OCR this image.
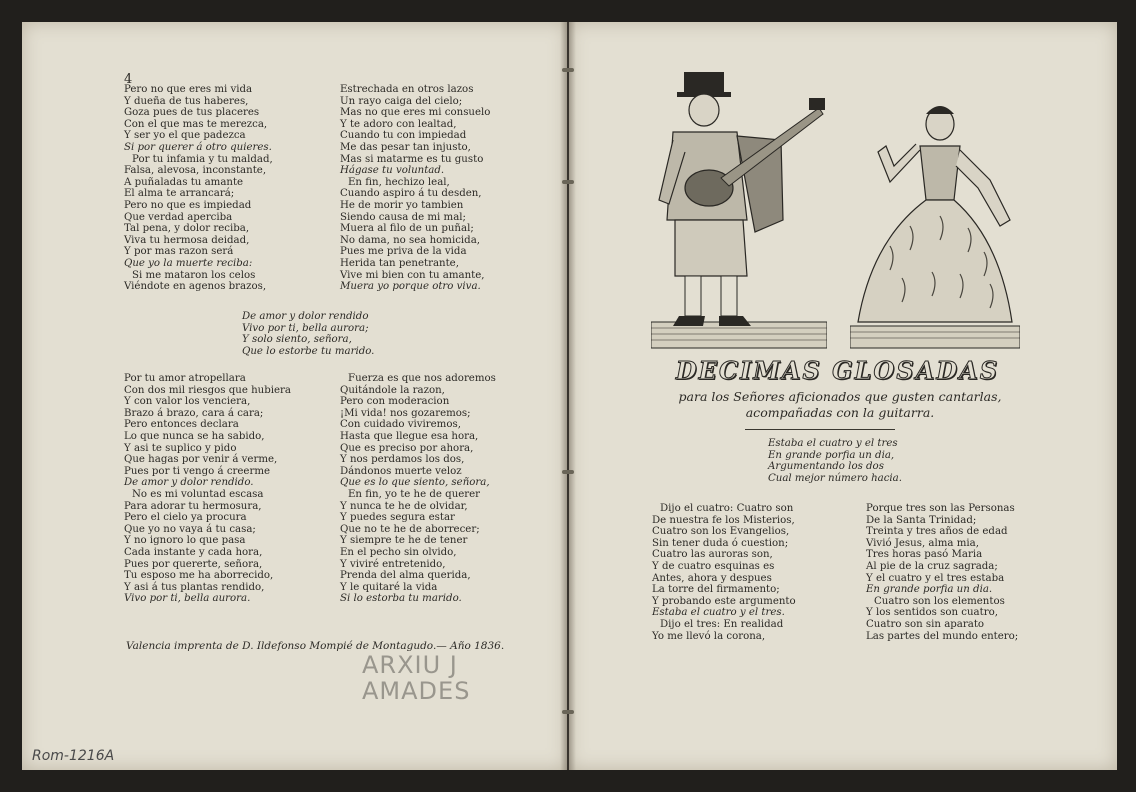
4
Pero no que eres mi vida
Y dueña de tus haberes,
Goza pues de tus placeres
Con el que mas te merezca,
Y ser yo el que padezca
Si por querer á otro quieres.
Por tu infamia y tu maldad,
Falsa, alevosa, inconstante,
A puñaladas tu amante
El alma te arrancará;
Pero no que es impiedad
Que verdad aperciba
Tal pena, y dolor reciba,
Viva tu hermosa deidad,
Y por mas razon será
Que yo la muerte reciba:
Si me mataron los celos
Viéndote en agenos brazos,
Estrechada en otros lazos
Un rayo caiga del cielo;
Mas no que eres mi consuelo
Y te adoro con lealtad,
Cuando tu con impiedad
Me das pesar tan injusto,
Mas si matarme es tu gusto
Hágase tu voluntad.
En fin, hechizo leal,
Cuando aspiro á tu desden,
He de morir yo tambien
Siendo causa de mi mal;
Muera al filo de un puñal;
No dama, no sea homicida,
Pues me priva de la vida
Herida tan penetrante,
Vive mi bien con tu amante,
Muera yo porque otro viva.
De amor y dolor rendido
Vivo por ti, bella aurora;
Y solo siento, señora,
Que lo estorbe tu marido.
Por tu amor atropellara
Con dos mil riesgos que hubiera
Y con valor los venciera,
Brazo á brazo, cara á cara;
Pero entonces declara
Lo que nunca se ha sabido,
Y asi te suplico y pido
Que hagas por venir á verme,
Pues por ti vengo á creerme
De amor y dolor rendido.
No es mi voluntad escasa
Para adorar tu hermosura,
Pero el cielo ya procura
Que yo no vaya á tu casa;
Y no ignoro lo que pasa
Cada instante y cada hora,
Pues por quererte, señora,
Tu esposo me ha aborrecido,
Y asi á tus plantas rendido,
Vivo por ti, bella aurora.
Fuerza es que nos adoremos
Quitándole la razon,
Pero con moderacion
¡Mi vida! nos gozaremos;
Con cuidado viviremos,
Hasta que llegue esa hora,
Que es preciso por ahora,
Y nos perdamos los dos,
Dándonos muerte veloz
Que es lo que siento, señora,
En fin, yo te he de querer
Y nunca te he de olvidar,
Y puedes segura estar
Que no te he de aborrecer;
Y siempre te he de tener
En el pecho sin olvido,
Y viviré entretenido,
Prenda del alma querida,
Y le quitaré la vida
Si lo estorba tu marido.
Valencia imprenta de D. Ildefonso Mompié de Montagudo.— Año 1836.
ARXIU J
AMADES
Rom-1216A
DECIMAS GLOSADAS
para los Señores aficionados que gusten cantarlas,
acompañadas con la guitarra.
Estaba el cuatro y el tres
En grande porfia un dia,
Argumentando los dos
Cual mejor número hacia.
Dijo el cuatro: Cuatro son
De nuestra fe los Misterios,
Cuatro son los Evangelios,
Sin tener duda ó cuestion;
Cuatro las auroras son,
Y de cuatro esquinas es
Antes, ahora y despues
La torre del firmamento;
Y probando este argumento
Estaba el cuatro y el tres.
Dijo el tres: En realidad
Yo me llevó la corona,
Porque tres son las Personas
De la Santa Trinidad;
Treinta y tres años de edad
Vivió Jesus, alma mia,
Tres horas pasó Maria
Al pie de la cruz sagrada;
Y el cuatro y el tres estaba
En grande porfia un dia.
Cuatro son los elementos
Y los sentidos son cuatro,
Cuatro son sin aparato
Las partes del mundo entero;
